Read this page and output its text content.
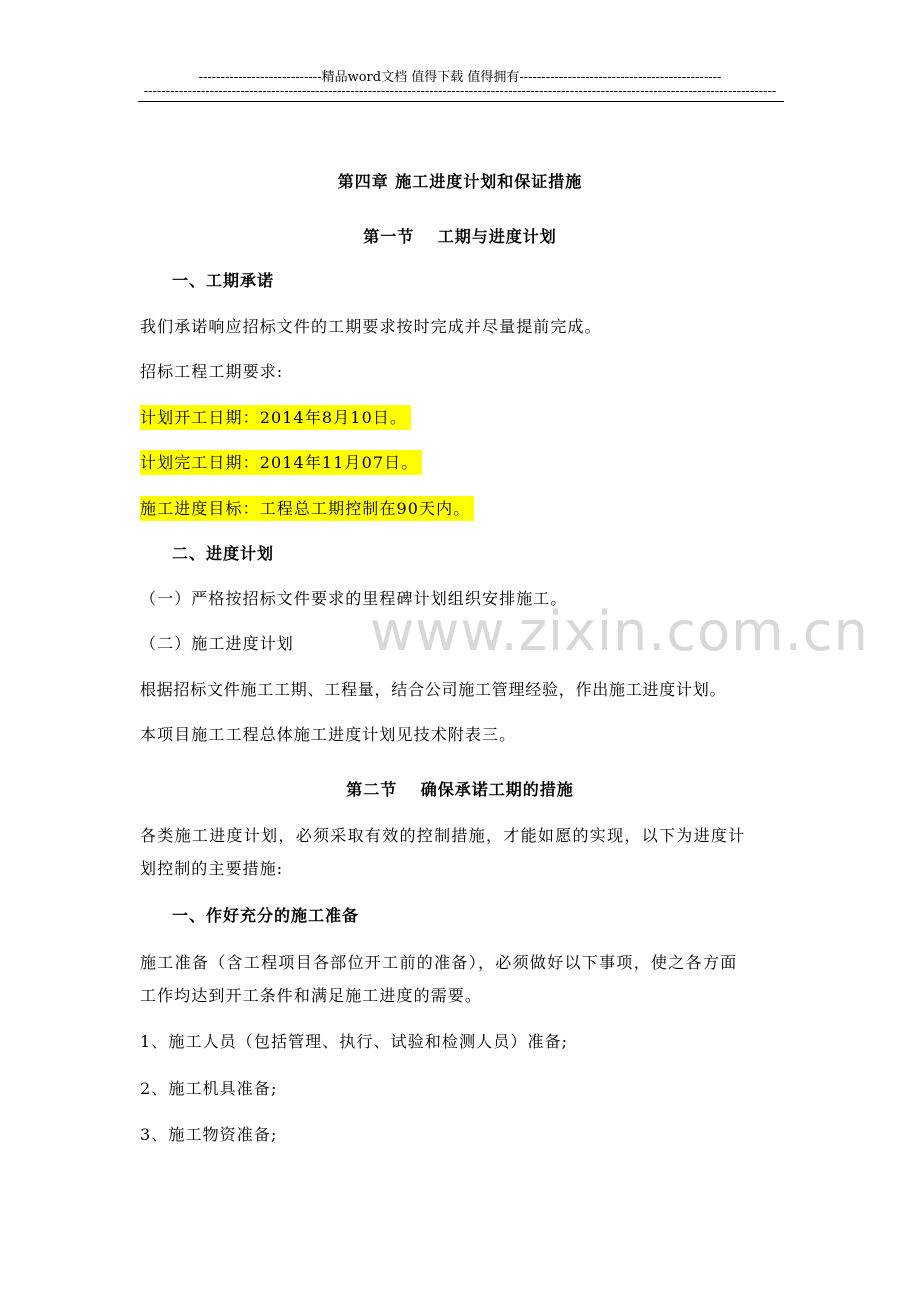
----------------------------精品word文档 值得下载 值得拥有----------------------------------------------
------------------------------------------------------------------------------------------------------------------------------------------------
www.zixin.com.cn
第四章 施工进度计划和保证措施
第一节　 工期与进度计划
一、工期承诺
我们承诺响应招标文件的工期要求按时完成并尽量提前完成。
招标工程工期要求:
计划开工日期：2014年8月10日。
计划完工日期：2014年11月07日。
施工进度目标：工程总工期控制在90天内。
二、进度计划
（一）严格按招标文件要求的里程碑计划组织安排施工。
（二）施工进度计划
根据招标文件施工工期、工程量，结合公司施工管理经验，作出施工进度计划。
本项目施工工程总体施工进度计划见技术附表三。
第二节　 确保承诺工期的措施
各类施工进度计划，必须采取有效的控制措施，才能如愿的实现，以下为进度计
划控制的主要措施:
一、作好充分的施工准备
施工准备（含工程项目各部位开工前的准备），必须做好以下事项，使之各方面
工作均达到开工条件和满足施工进度的需要。
1、施工人员（包括管理、执行、试验和检测人员）准备;
2、施工机具准备;
3、施工物资准备;
